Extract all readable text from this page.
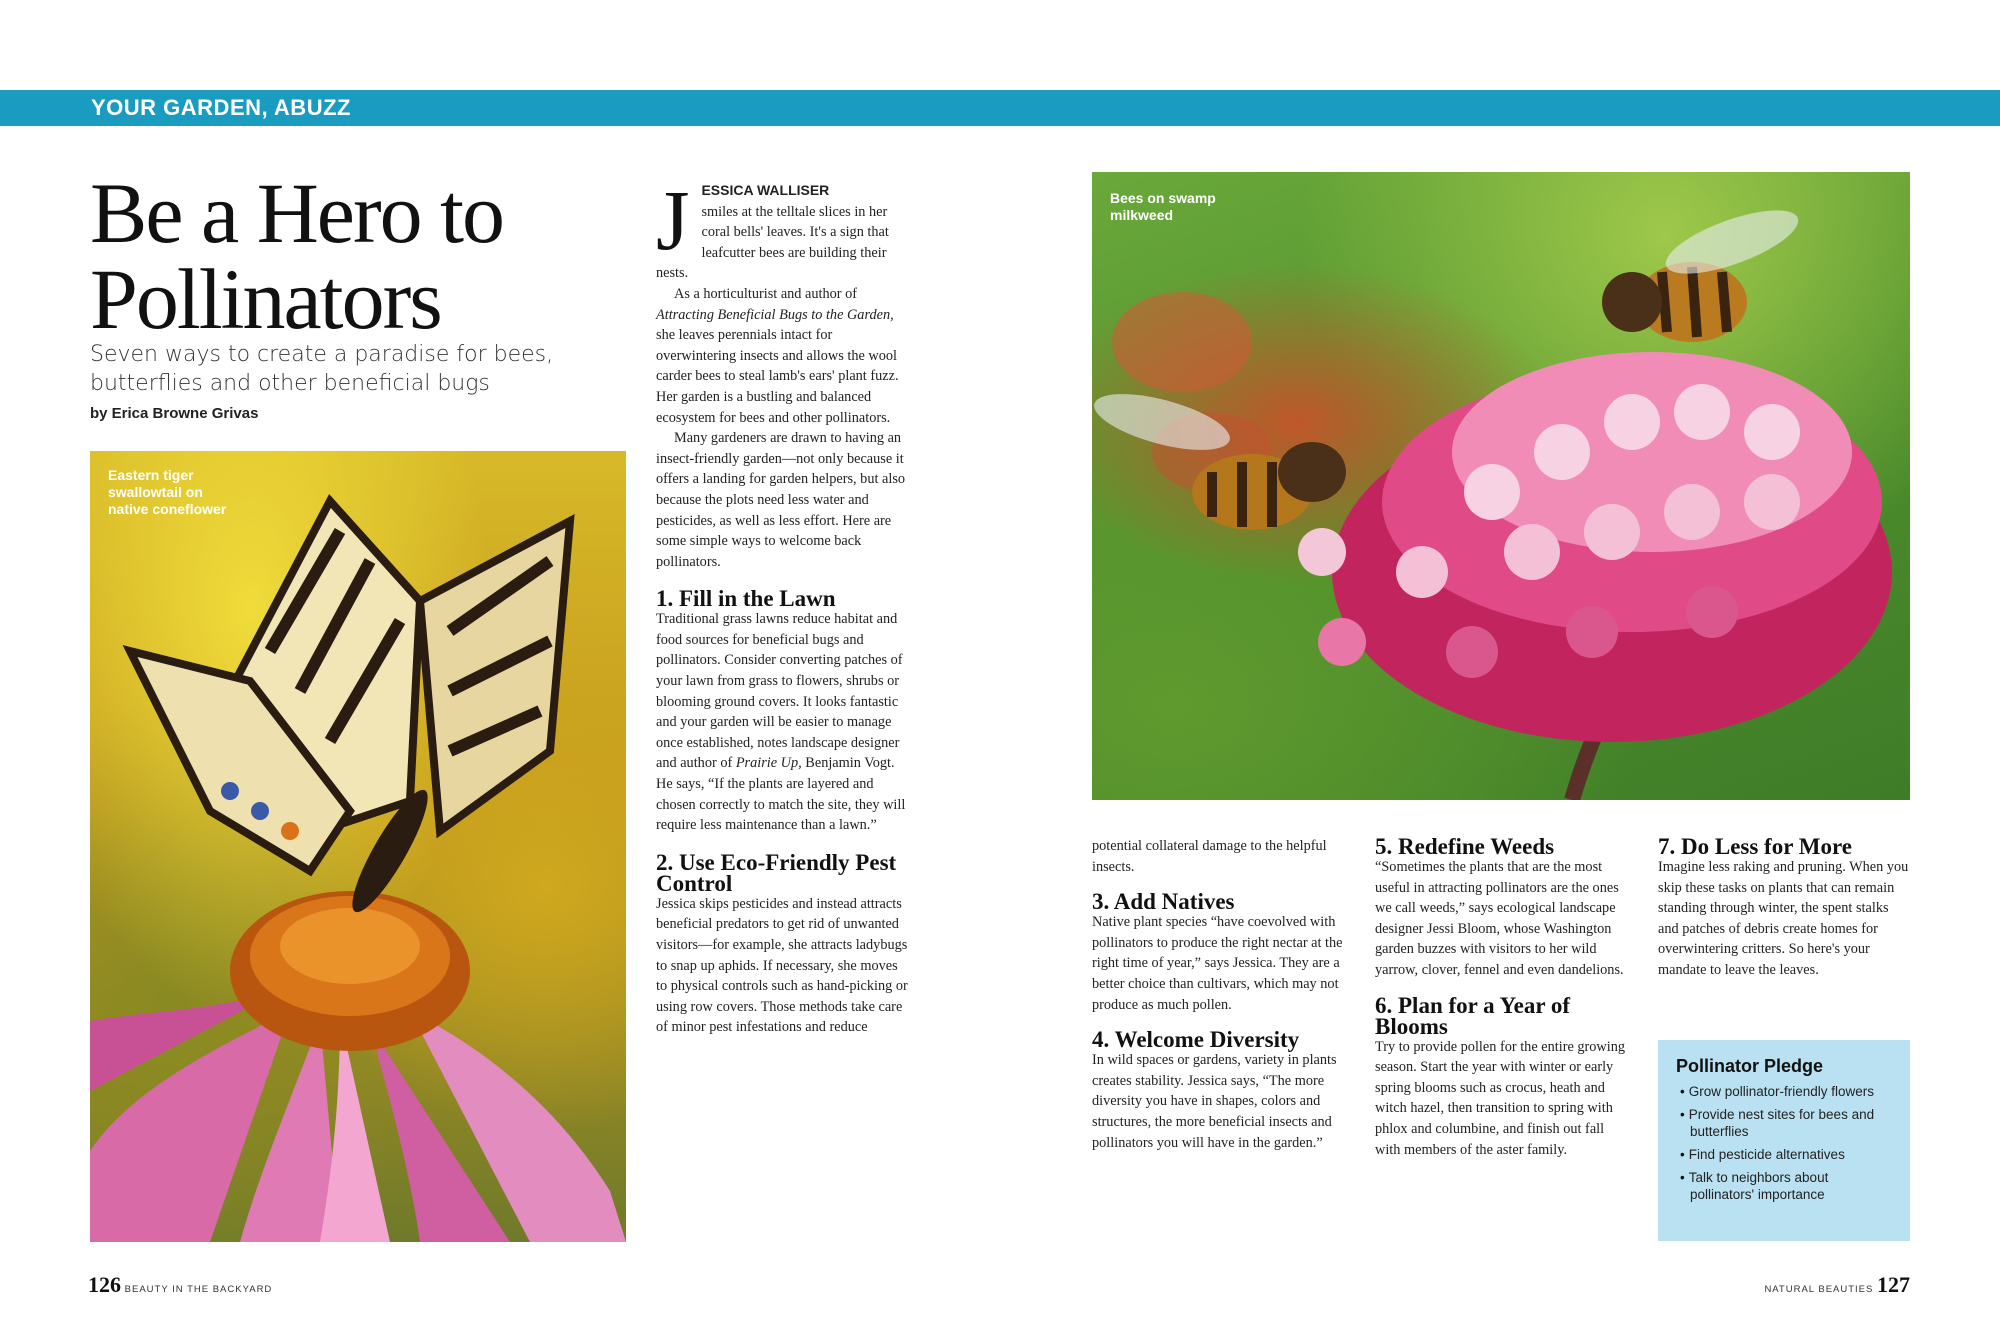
YOUR GARDEN, ABUZZ
Be a Hero to
Pollinators

Seven ways to create a paradise for bees, butterflies and other beneficial bugs

by Erica Browne Grivas
Eastern tiger
swallowtail on
native coneflower
Bees on swamp
milkweed
J ESSICA WALLISER
smiles at the telltale slices in her coral bells' leaves. It's a sign that leafcutter bees are building their nests.

As a horticulturist and author of Attracting Beneficial Bugs to the Garden, she leaves perennials intact for overwintering insects and allows the wool carder bees to steal lamb's ears' plant fuzz. Her garden is a bustling and balanced ecosystem for bees and other pollinators.

Many gardeners are drawn to having an insect-friendly garden—not only because it offers a landing for garden helpers, but also because the plots need less water and pesticides, as well as less effort. Here are some simple ways to welcome back pollinators.

1. Fill in the Lawn

Traditional grass lawns reduce habitat and food sources for beneficial bugs and pollinators. Consider converting patches of your lawn from grass to flowers, shrubs or blooming ground covers. It looks fantastic and your garden will be easier to manage once established, notes landscape designer and author of Prairie Up, Benjamin Vogt. He says, “If the plants are layered and chosen correctly to match the site, they will require less maintenance than a lawn.”

2. Use Eco-Friendly Pest Control

Jessica skips pesticides and instead attracts beneficial predators to get rid of unwanted visitors—for example, she attracts ladybugs to snap up aphids. If necessary, she moves to physical controls such as hand-picking or using row covers. Those methods take care of minor pest infestations and reduce

potential collateral damage to the helpful insects.

3. Add Natives

Native plant species “have coevolved with pollinators to produce the right nectar at the right time of year,” says Jessica. They are a better choice than cultivars, which may not produce as much pollen.

4. Welcome Diversity

In wild spaces or gardens, variety in plants creates stability. Jessica says, “The more diversity you have in shapes, colors and structures, the more beneficial insects and pollinators you will have in the garden.”

5. Redefine Weeds

“Sometimes the plants that are the most useful in attracting pollinators are the ones we call weeds,” says ecological landscape designer Jessi Bloom, whose Washington garden buzzes with visitors to her wild yarrow, clover, fennel and even dandelions.

6. Plan for a Year of Blooms

Try to provide pollen for the entire growing season. Start the year with winter or early spring blooms such as crocus, heath and witch hazel, then transition to spring with phlox and columbine, and finish out fall with members of the aster family.

7. Do Less for More

Imagine less raking and pruning. When you skip these tasks on plants that can remain standing through winter, the spent stalks and patches of debris create homes for overwintering critters. So here's your mandate to leave the leaves.

Pollinator Pledge
• Grow pollinator-friendly flowers
• Provide nest sites for bees and butterflies
• Find pesticide alternatives
• Talk to neighbors about pollinators' importance
126 BEAUTY IN THE BACKYARD	NATURAL BEAUTIES 127
